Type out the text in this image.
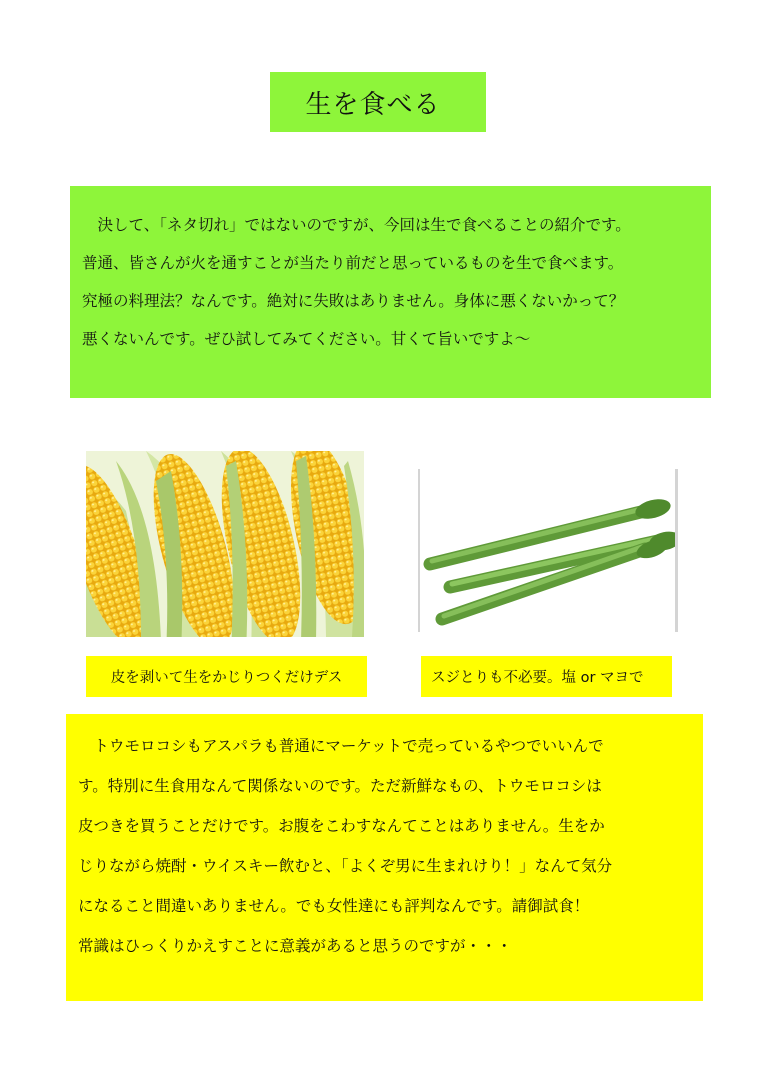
生を食べる

　決して、「ネタ切れ」ではないのですが、今回は生で食べることの紹介です。

普通、皆さんが火を通すことが当たり前だと思っているものを生で食べます。

究極の料理法？なんです。絶対に失敗はありません。身体に悪くないかって？

悪くないんです。ぜひ試してみてください。甘くて旨いですよ～

皮を剥いて生をかじりつくだけデス	スジとりも不必要。塩 or マヨで

　トウモロコシもアスパラも普通にマーケットで売っているやつでいいんで

す。特別に生食用なんて関係ないのです。ただ新鮮なもの、トウモロコシは

皮つきを買うことだけです。お腹をこわすなんてことはありません。生をか

じりながら焼酎・ウイスキー飲むと、「よくぞ男に生まれけり！」なんて気分

になること間違いありません。でも女性達にも評判なんです。請御試食！

常識はひっくりかえすことに意義があると思うのですが・・・
